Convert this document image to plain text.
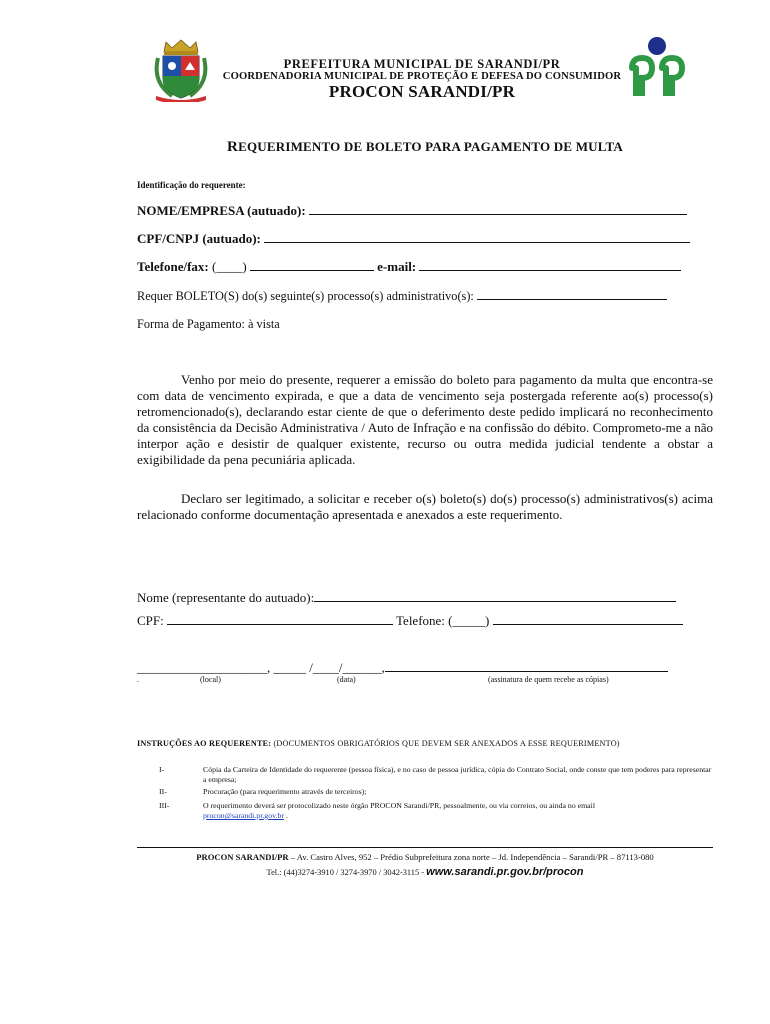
PREFEITURA MUNICIPAL DE SARANDI/PR
COORDENADORIA MUNICIPAL DE PROTEÇÃO E DEFESA DO CONSUMIDOR
PROCON SARANDI/PR
REQUERIMENTO DE BOLETO PARA PAGAMENTO DE MULTA
Identificação do requerente:
NOME/EMPRESA (autuado):
CPF/CNPJ (autuado):
Telefone/fax: (____)	e-mail:
Requer BOLETO(S) do(s) seguinte(s) processo(s) administrativo(s):
Forma de Pagamento: à vista
Venho por meio do presente, requerer a emissão do boleto para pagamento da multa que encontra-se com data de vencimento expirada, e que a data de vencimento seja postergada referente ao(s) processo(s) retromencionado(s), declarando estar ciente de que o deferimento deste pedido implicará no reconhecimento da consistência da Decisão Administrativa / Auto de Infração e na confissão do débito. Comprometo-me a não interpor ação e desistir de qualquer existente, recurso ou outra medida judicial tendente a obstar a exigibilidade da pena pecuniária aplicada.
Declaro ser legitimado, a solicitar e receber o(s) boleto(s) do(s) processo(s) administrativos(s) acima relacionado conforme documentação apresentada e anexados a este requerimento.
Nome (representante do autuado):
CPF:	Telefone: (_____)
____________________, _____ /____/______,
.	(local)	(data)	(assinatura de quem recebe as cópias)
INSTRUÇÕES AO REQUERENTE: (DOCUMENTOS OBRIGATÓRIOS QUE DEVEM SER ANEXADOS A ESSE REQUERIMENTO)
I-	Cópia da Carteira de Identidade do requerente (pessoa física), e no caso de pessoa jurídica, cópia do Contrato Social, onde conste que tem poderes para representar a empresa;
II-	Procuração (para requerimento através de terceiros);
III-	O requerimento deverá ser protocolizado neste órgão PROCON Sarandi/PR, pessoalmente, ou via correios, ou ainda no email
procon@sarandi.pr.gov.br .
PROCON SARANDI/PR – Av. Castro Alves, 952 – Prédio Subprefeitura zona norte – Jd. Independência – Sarandi/PR – 87113-080
Tel.: (44)3274-3910 / 3274-3970 / 3042-3115 - www.sarandi.pr.gov.br/procon
